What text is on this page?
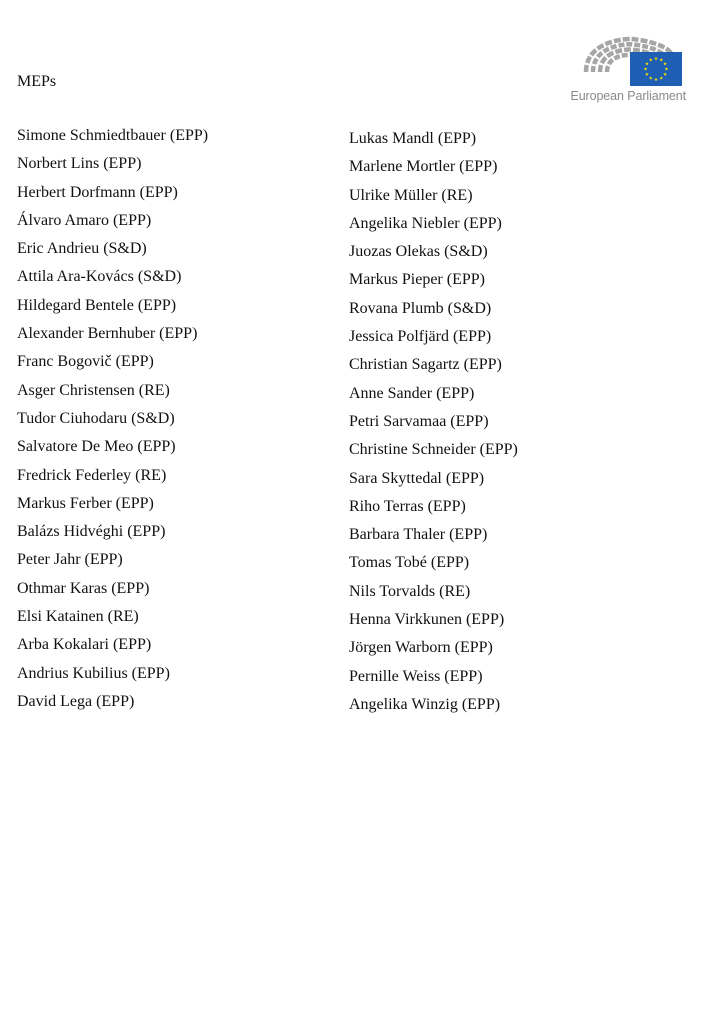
MEPs
European Parliament
Simone Schmiedtbauer (EPP)
Norbert Lins (EPP)
Herbert Dorfmann (EPP)
Álvaro Amaro (EPP)
Eric Andrieu (S&D)
Attila Ara-Kovács (S&D)
Hildegard Bentele (EPP)
Alexander Bernhuber (EPP)
Franc Bogovič (EPP)
Asger Christensen (RE)
Tudor Ciuhodaru (S&D)
Salvatore De Meo (EPP)
Fredrick Federley (RE)
Markus Ferber (EPP)
Balázs Hidvéghi (EPP)
Peter Jahr (EPP)
Othmar Karas (EPP)
Elsi Katainen (RE)
Arba Kokalari (EPP)
Andrius Kubilius (EPP)
David Lega (EPP)
Lukas Mandl (EPP)
Marlene Mortler (EPP)
Ulrike Müller (RE)
Angelika Niebler (EPP)
Juozas Olekas (S&D)
Markus Pieper (EPP)
Rovana Plumb (S&D)
Jessica Polfjärd (EPP)
Christian Sagartz (EPP)
Anne Sander (EPP)
Petri Sarvamaa (EPP)
Christine Schneider (EPP)
Sara Skyttedal (EPP)
Riho Terras (EPP)
Barbara Thaler (EPP)
Tomas Tobé (EPP)
Nils Torvalds (RE)
Henna Virkkunen (EPP)
Jörgen Warborn (EPP)
Pernille Weiss (EPP)
Angelika Winzig (EPP)
